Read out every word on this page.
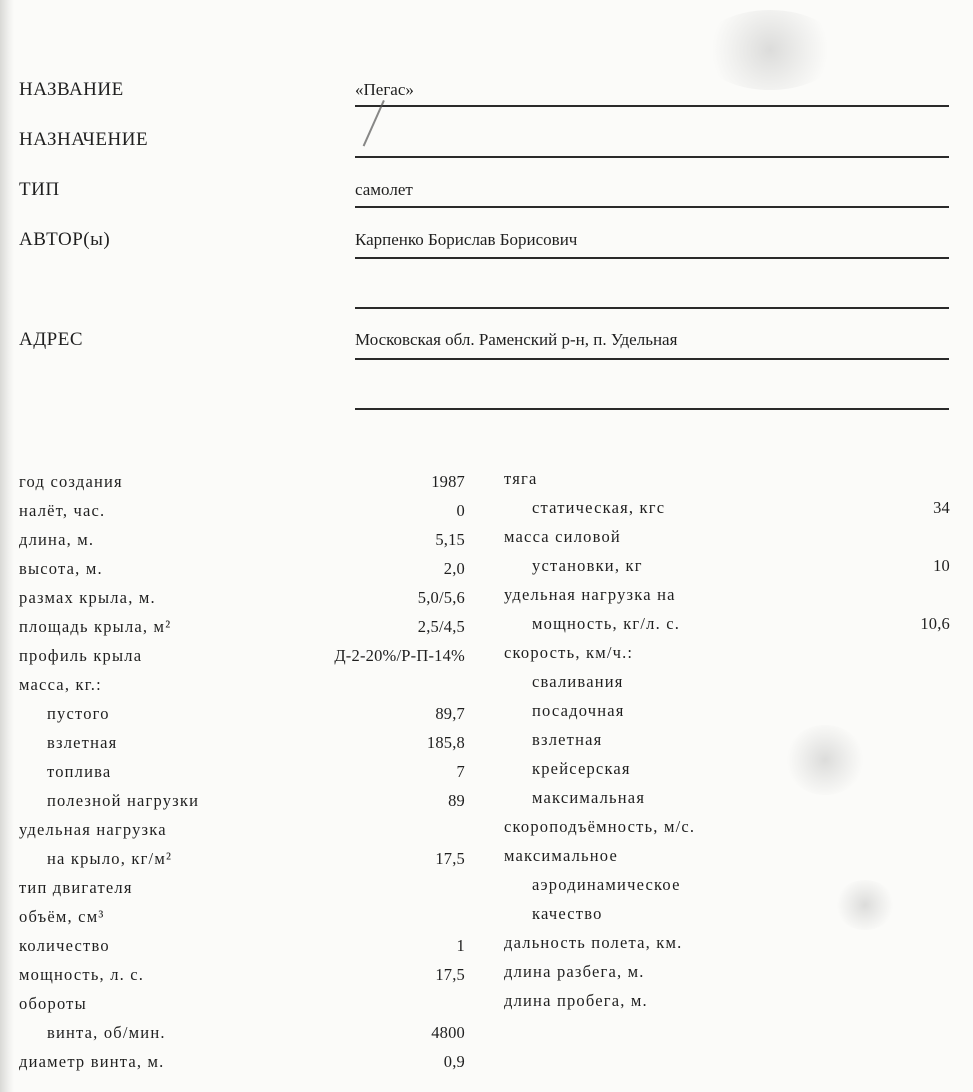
НАЗВАНИЕ	«Пегас»
НАЗНАЧЕНИЕ
ТИП	самолет
АВТОР(ы)	Карпенко Борислав Борисович
АДРЕС	Московская обл. Раменский р-н, п. Удельная
год создания	1987
налёт, час.	0
длина, м.	5,15
высота, м.	2,0
размах крыла, м.	5,0/5,6
площадь крыла, м²	2,5/4,5
профиль крыла	Д-2-20%/Р-П-14%
масса, кг.:
пустого	89,7
взлетная	185,8
топлива	7
полезной нагрузки	89
удельная нагрузка
на крыло, кг/м²	17,5
тип двигателя
объём, см³
количество	1
мощность, л. с.	17,5
обороты
винта, об/мин.	4800
диаметр винта, м.	0,9
тяга
статическая, кгс	34
масса силовой
установки, кг	10
удельная нагрузка на
мощность, кг/л. с.	10,6
скорость, км/ч.:
сваливания
посадочная
взлетная
крейсерская
максимальная
скороподъёмность, м/с.
максимальное
аэродинамическое
качество
дальность полета, км.
длина разбега, м.
длина пробега, м.
